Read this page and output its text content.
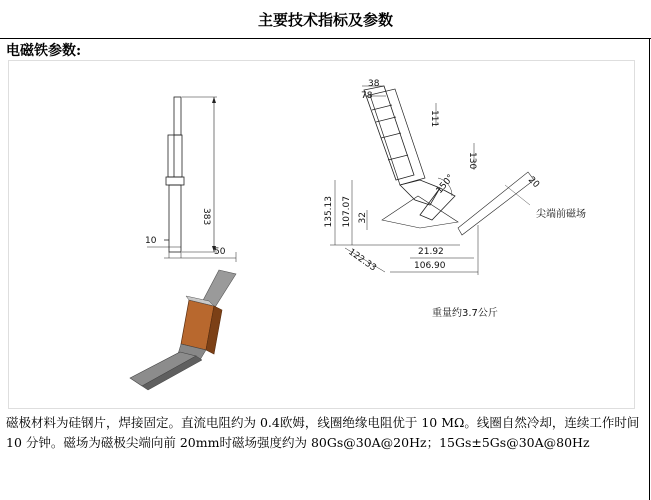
主要技术指标及参数
电磁铁参数:
383
10
50
38
78
111
130
150°	20
135.13 107.07 32
122.33	21.92
106.90
尖端前磁场
重量约3.7公斤
磁极材料为硅钢片，焊接固定。直流电阻约为 0.4欧姆，线圈绝缘电阻优于 10 MΩ。线圈自然冷却，连续工作时间 10 分钟。磁场为磁极尖端向前 20mm时磁场强度约为 80Gs@30A@20Hz；15Gs±5Gs@30A@80Hz
